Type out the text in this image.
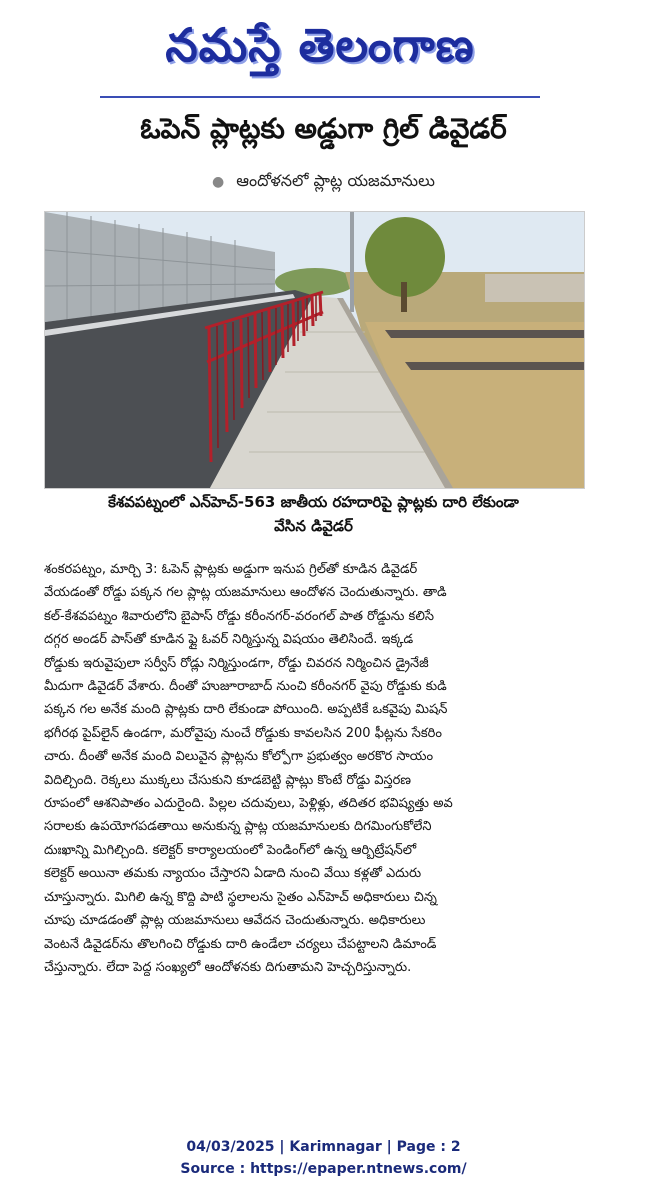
నమస్తే తెలంగాణ
ఓపెన్ ప్లాట్లకు అడ్డుగా గ్రిల్ డివైడర్
● ఆందోళనలో ప్లాట్ల యజమానులు
కేశవపట్నంలో ఎన్‌హెచ్-563 జాతీయ రహదారిపై ప్లాట్లకు దారి లేకుండా
వేసిన డివైడర్
శంకరపట్నం, మార్చి 3: ఓపెన్ ప్లాట్లకు అడ్డుగా ఇనుప గ్రిల్‌తో కూడిన డివైడర్
వేయడంతో రోడ్డు పక్కన గల ప్లాట్ల యజమానులు ఆందోళన చెందుతున్నారు. తాడి
కల్-కేశవపట్నం శివారులోని బైపాస్ రోడ్డు కరీంనగర్-వరంగల్ పాత రోడ్డును కలిసే
దగ్గర అండర్ పాస్‌తో కూడిన ఫ్లై ఓవర్ నిర్మిస్తున్న విషయం తెలిసిందే. ఇక్కడ
రోడ్డుకు ఇరువైపులా సర్వీస్ రోడ్లు నిర్మిస్తుండగా, రోడ్డు చివరన నిర్మించిన డ్రైనేజీ
మీదుగా డివైడర్ వేశారు. దీంతో హుజూరాబాద్ నుంచి కరీంనగర్ వైపు రోడ్డుకు కుడి
పక్కన గల అనేక మంది ప్లాట్లకు దారి లేకుండా పోయింది. అప్పటికే ఒకవైపు మిషన్
భగీరథ పైప్‌లైన్ ఉండగా, మరోవైపు నుంచే రోడ్డుకు కావలసిన 200 ఫీట్లను సేకరిం
చారు. దీంతో అనేక మంది విలువైన ప్లాట్లను కోల్పోగా ప్రభుత్వం అరకొర సాయం
విదిల్చింది. రెక్కలు ముక్కలు చేసుకుని కూడబెట్టి ప్లాట్లు కొంటే రోడ్డు విస్తరణ
రూపంలో ఆశనిపాతం ఎదురైంది. పిల్లల చదువులు, పెళ్లిళ్లు, తదితర భవిష్యత్తు అవ
సరాలకు ఉపయోగపడతాయి అనుకున్న ప్లాట్ల యజమానులకు దిగమింగుకోలేని
దుఃఖాన్ని మిగిల్చింది. కలెక్టర్ కార్యాలయంలో పెండింగ్‌లో ఉన్న ఆర్బిట్రేషన్‌లో
కలెక్టర్ అయినా తమకు న్యాయం చేస్తారని ఏడాది నుంచి వేయి కళ్లతో ఎదురు
చూస్తున్నారు. మిగిలి ఉన్న కొద్ది పాటి స్థలాలను సైతం ఎన్‌హెచ్ అధికారులు చిన్న
చూపు చూడడంతో ప్లాట్ల యజమానులు ఆవేదన చెందుతున్నారు. అధికారులు
వెంటనే డివైడర్‌ను తొలగించి రోడ్డుకు దారి ఉండేలా చర్యలు చేపట్టాలని డిమాండ్
చేస్తున్నారు. లేదా పెద్ద సంఖ్యలో ఆందోళనకు దిగుతామని హెచ్చరిస్తున్నారు.
04/03/2025 | Karimnagar | Page : 2
Source : https://epaper.ntnews.com/
